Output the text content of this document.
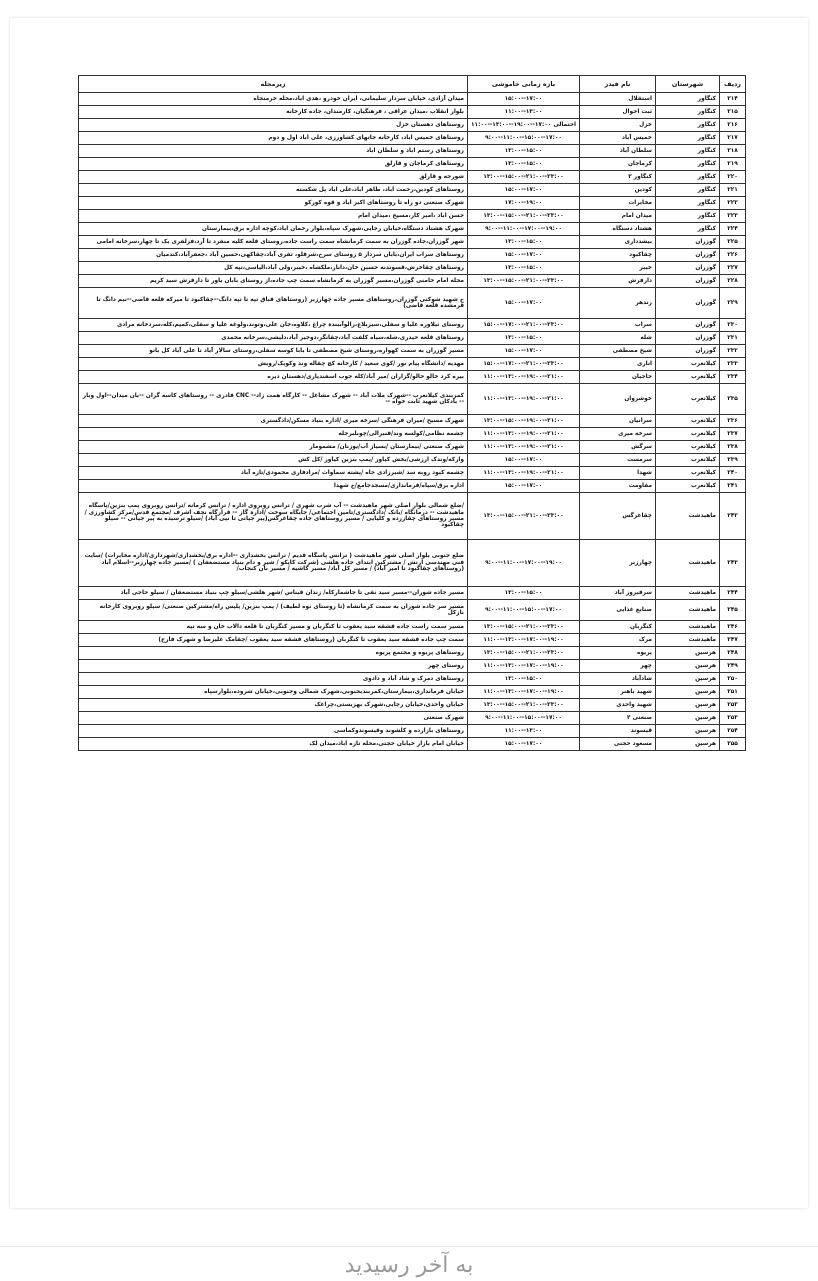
ردیف	شهرستان	نام فیدر	بازه زمانی خاموشی	زیرمحله
۲۱۴	کنگاور	استقلال	۱۵:۰۰--۱۷:۰۰	میدان آزادی، خیابان سردار سلیمانی، ایران خودرو ،هدی اباد،محله خرمنجاه
۲۱۵	کنگاور	ثبت احوال	۱۱:۰۰--۱۳:۰۰	بلوار انقلاب ،میدان عراقی ، فرهنگیان، کارمندان، جاده کارخانه
۲۱۶	کنگاور	خزل	احتمالی ۱۷:۰۰--۱۹:۰۰--۱۳:۰۰--۱۱:۰۰	روستاهای دهستان خزل
۲۱۷	کنگاور	خمیس آباد	۹:۰۰--۱۱:۰۰--۱۵:۰۰--۱۷:۰۰	روستاهای خمیس اباد، کارخانه جاتهای کشاورزی، علی اباد اول و دوم
۲۱۸	کنگاور	سلطان آباد	۱۳:۰۰--۱۵:۰۰	روستاهای رستم اباد و سلطان اباد
۲۱۹	کنگاور	کرماجان	۱۳:۰۰--۱۵:۰۰	روستاهای کرماجان و قارلق
۲۲۰	کنگاور	کنگاور ۲	۱۳:۰۰--۱۵:۰۰--۲۱:۰۰--۲۳:۰۰	شورجه و قارلق
۲۲۱	کنگاور	کودین	۱۵:۰۰--۱۷:۰۰	روستاهای کودین،رحمت اباد، طاهر اباد،علی اباد پل شکسته
۲۲۲	کنگاور	مخابرات	۱۷:۰۰--۱۹:۰۰	شهرک صنعتی دو راه تا روستاهای اکبر اباد و قوه کورکو
۲۲۳	کنگاور	میدان امام	۱۳:۰۰--۱۵:۰۰--۲۱:۰۰--۲۳:۰۰	حسن اباد ،امیر کار،مسیح ،میدان امام
۲۲۴	کنگاور	هشتاد دستگاه	۹:۰۰--۱۱:۰۰--۱۷:۰۰--۱۹:۰۰	شهرک هشتاد دستگاه،خیابان رجایی،شهرک سپاه،بلوار رحمان اباد،کوچه اداره برق،بیمارستان
۲۲۵	گوزران	بیشدداری	۱۳:۰۰--۱۵:۰۰	شهر گوزران،جاده گوزران به سمت کرمانشاه سمت راست جاده،روستای قلعه کلیه منفرد تا آرد،فزلفری یک تا چهار،سرخانه امامی
۲۲۶	گوزران	چقاکبود	۱۵:۰۰--۱۷:۰۰	روستاهای سراب ایران،بابان سردار ۵ روستای سرخ،شرقلو، تفری آباد،چقاکهی،حسین آباد ،جعفرآباد،کندمیان
۲۲۷	گوزران	خیبر	۱۳:۰۰--۱۵:۰۰	روستاهای چقاخرش،قسوندنه حسین خان،دابار،ملکشاه ،خیبر،ولی آباد،الیاسی،تپه کل
۲۲۸	گوزران	دارفرش	۱۳:۰۰--۱۵:۰۰--۲۱:۰۰--۲۳:۰۰	محله امام خامنی گوزران،مسیر گوزران به کرمانشاه سمت چپ جاده،از روستای بابان یاور تا دارفرش سید کریم
۲۲۹	گوزران	زندهر	۱۵:۰۰--۱۷:۰۰	خ شهید شوکتی گوزران،روستاهای مسیر جاده چهارزبر (روستاهای قباق تپه تا تپه دانگ--چقاکبود تا میرکه قلعه قاضی--نیم دانگ تا قرمشده قلعه قاضی)
۲۳۰	گوزران	سراب	۱۵:۰۰--۱۷:۰۰--۲۱:۰۰--۲۳:۰۰	روستای نیلاوره علیا و سفلی،سیزبلاغ،زالوآببندہ چراغ ،کلاوه،جان علی،وتوند،ولوغه علیا و سفلی،کمیم،کله،سردخانه مرادی
۲۳۱	گوزران	شله	۱۳:۰۰--۱۵:۰۰	روستاهای قلعه حیدری،شله،سیاه کلفت آباد،چقانگر،دوجیر آباد،دلیشی،سرخانه محمدی
۲۳۲	گوزران	شیخ مصطفی	۱۵:۰۰--۱۷:۰۰	مسیر گوزران به سمت کهواره،روستای شیخ مصطفی تا بابا کوسه سفلی،روستای سالار آباد تا علی آباد کل بانو
۲۳۳	کیلانغرب	اناری	۱۵:۰۰--۱۷:۰۰--۲۱:۰۰--۲۳:۰۰	مهدیه /دانشگاه پیام نور /کوی سعید / کارخانه کچ چقاله وند وکویک/رویش
۲۳۴	کیلانغرب	حاجیان	۱۱:۰۰--۱۳:۰۰--۱۹:۰۰--۲۱:۰۰	بیره کرد خالو خالو/گزاران /میر آباد/کله جوب اسفندیاری/دهستان دیره
۲۳۵	کیلانغرب	خوشروان	۱۱:۰۰--۱۳:۰۰--۱۹:۰۰--۲۱:۰۰	کمربندی کیلانغرب --شهرک ملات آباد -- شهرک مشاغل -- کارگاه همت زاد-- CNC قادری -- روستاهای کاسه گران --بان میدان--اول وبار -- بادکان شهید ثابت خواه --
۲۳۶	کیلانغرب	سرانیان	۱۳:۰۰--۱۵:۰۰--۱۹:۰۰--۲۱:۰۰	شهرک مسیح /میران فرهنگی /سرخه میری /اداره بنیاد مسکن/دادگستری
۲۳۷	کیلانغرب	سرخه میری	۱۱:۰۰--۱۳:۰۰--۱۹:۰۰--۲۱:۰۰	چشمه نظامی/کولسه وند/قنبرالی/چوبلبرجله
۲۳۸	کیلانغرب	سرگش	۱۱:۰۰--۱۳:۰۰--۱۹:۰۰--۲۱:۰۰	شهرک صنعتی /بیمارستان /بسیاز آب/یوزنان/ مشمومار
۲۳۹	کیلانغرب	سرمست	۱۵:۰۰--۱۷:۰۰	وارکه/وندک ارزشی/بخش کیاور /پمپ بنزین کیاور /کل کش
۲۴۰	کیلانغرب	شهدا	۱۱:۰۰--۱۳:۰۰--۱۹:۰۰--۲۱:۰۰	چشمه کبود روبه سد /شیرزادی جاه /پشته سماوات /مرادفاری محمودی/تازه آباد
۲۴۱	کیلانغرب	مقاومت	۱۵:۰۰--۱۷:۰۰	اداره برق/سپاه/فرمانداری/مسجدجامع/خ شهدا
۲۴۲	ماهیدشت	چقاغرگس	۱۳:۰۰--۱۵:۰۰--۲۱:۰۰--۲۳:۰۰	/ضلع شمالی بلوار اصلی شهر ماهیدشت -- آب شرب شهری / ترانس روبروی اداره / ترانس کرمانه /ترانس روبروی پمپ بنزین/پاسگاه ماهیدشت -- درمانگاه /بانک /دادگستری/تامین اجتماعی/ جایگاه سوخت /ادارہ گاز -- قرارگاه نجف اشرف /مجتمع قدس/مرکز کشاورزی /مسیر روستاهای چقازرده و کلیایی / مسیر روستاهای جاده چقاغرگس(پیر جیانی تا نپی آباد) /سیلو ترسیده به پیر جیانی -- سیلو چقاکبود
۲۴۳	ماهیدشت	چهارزبر	۹:۰۰--۱۱:۰۰--۱۷:۰۰--۱۹:۰۰	ضلع جنوبی بلوار اصلی شهر ماهیدشت ( ترانس پاسگاه قدیم / ترانس بخشداری --اداره برق/بخشداری/شهرداری/اداره مخابرات) /سایت فنی مهندسی ارتش / مشترکین ابتدای جاده هلشی (شرکت کاپکو / شیر و دام بنیاد مستضعفان ) /مسیر جاده چهارزبر--اسلام آباد (روستاهای چقاکبود تا امیر آباد) / مسیر کل آباد/ مسیر کاشیه / مسیر بان کنجاب/
۲۴۴	ماهیدشت	سرفیروز آباد	۱۳:۰۰--۱۵:۰۰	مسیر جاده شوران--مسیر سید نقی تا جاشمارکاه/ زندان قبناس /شهر هلشی/سیلو چپ بنیاد مستضعفان / سیلو حاجی آباد
۲۴۵	ماهیدشت	صنایع غذایی	۹:۰۰--۱۱:۰۰--۱۵:۰۰--۱۷:۰۰	مسیر سر جاده شوران به سمت کرمانشاه (تا روستای نوه لطیف) / پمپ بنزین/ پلیس راه/مشترکین صنعتی/ سیلو روبروی کارخانه نازکل
۲۴۶	ماهیدشت	کنگربان	۱۳:۰۰--۱۵:۰۰--۲۱:۰۰--۲۳:۰۰	مسیر سمت راست جاده قشقه سید یعقوب تا کنگربان و مسیر کنگربان تا قلعه دالاب خان و سه تپه
۲۴۷	ماهیدشت	مرک	۱۱:۰۰--۱۳:۰۰--۱۷:۰۰--۱۹:۰۰	سمت چپ جاده قشقه سید یعقوب تا کنگربان (روستاهای قشقه سید یعقوب /چقامک علیرضا و شهرک فارج)
۲۴۸	هرسین	پریوه	۱۳:۰۰--۱۵:۰۰--۲۱:۰۰--۲۳:۰۰	روستاهای پریوه و مجتمع پریوه
۲۴۹	هرسین	چهر	۱۱:۰۰--۱۳:۰۰--۱۷:۰۰--۱۹:۰۰	روستای چهر
۲۵۰	هرسین	شادآباد	۱۳:۰۰--۱۵:۰۰	روستاهای دمرک و شاد آباد و دادوی
۲۵۱	هرسین	شهید باهنر	۱۱:۰۰--۱۳:۰۰--۱۷:۰۰--۱۹:۰۰	خیابان فرمانداری،بیمارستان،کمربندیجنوبی،شهرک شمالی وجنوبی،خیابان شروده،بلوارسپاه
۲۵۲	هرسین	شهید واحدی	۱۳:۰۰--۱۵:۰۰--۲۱:۰۰--۲۳:۰۰	خیابان واحدی،خیابان رجایی،شهرک بهزیستی،چراغک
۲۵۳	هرسین	صنعتی ۲	۹:۰۰--۱۱:۰۰--۱۵:۰۰--۱۷:۰۰	شهرک صنعتی
۲۵۴	هرسین	قیسوند	۱۱:۰۰--۱۳:۰۰	روستاهای بازارده و کلشوند وقیسوندوکماسی
۲۵۵	هرسین	مسعود حجتی	۱۵:۰۰--۱۷:۰۰	خیابان امام بازار خیابان حجتی،محله تازه اباد،میدان لک
به آخر رسیدید
